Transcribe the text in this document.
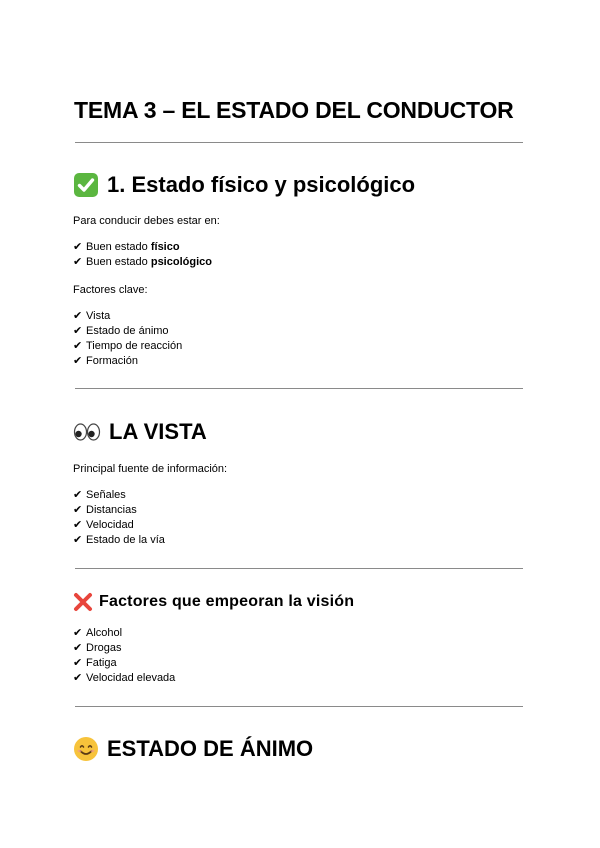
TEMA 3 – EL ESTADO DEL CONDUCTOR
1. Estado físico y psicológico
Para conducir debes estar en:
✔ Buen estado físico
✔ Buen estado psicológico
Factores clave:
✔ Vista
✔ Estado de ánimo
✔ Tiempo de reacción
✔ Formación
LA VISTA
Principal fuente de información:
✔ Señales
✔ Distancias
✔ Velocidad
✔ Estado de la vía
Factores que empeoran la visión
✔ Alcohol
✔ Drogas
✔ Fatiga
✔ Velocidad elevada
ESTADO DE ÁNIMO
